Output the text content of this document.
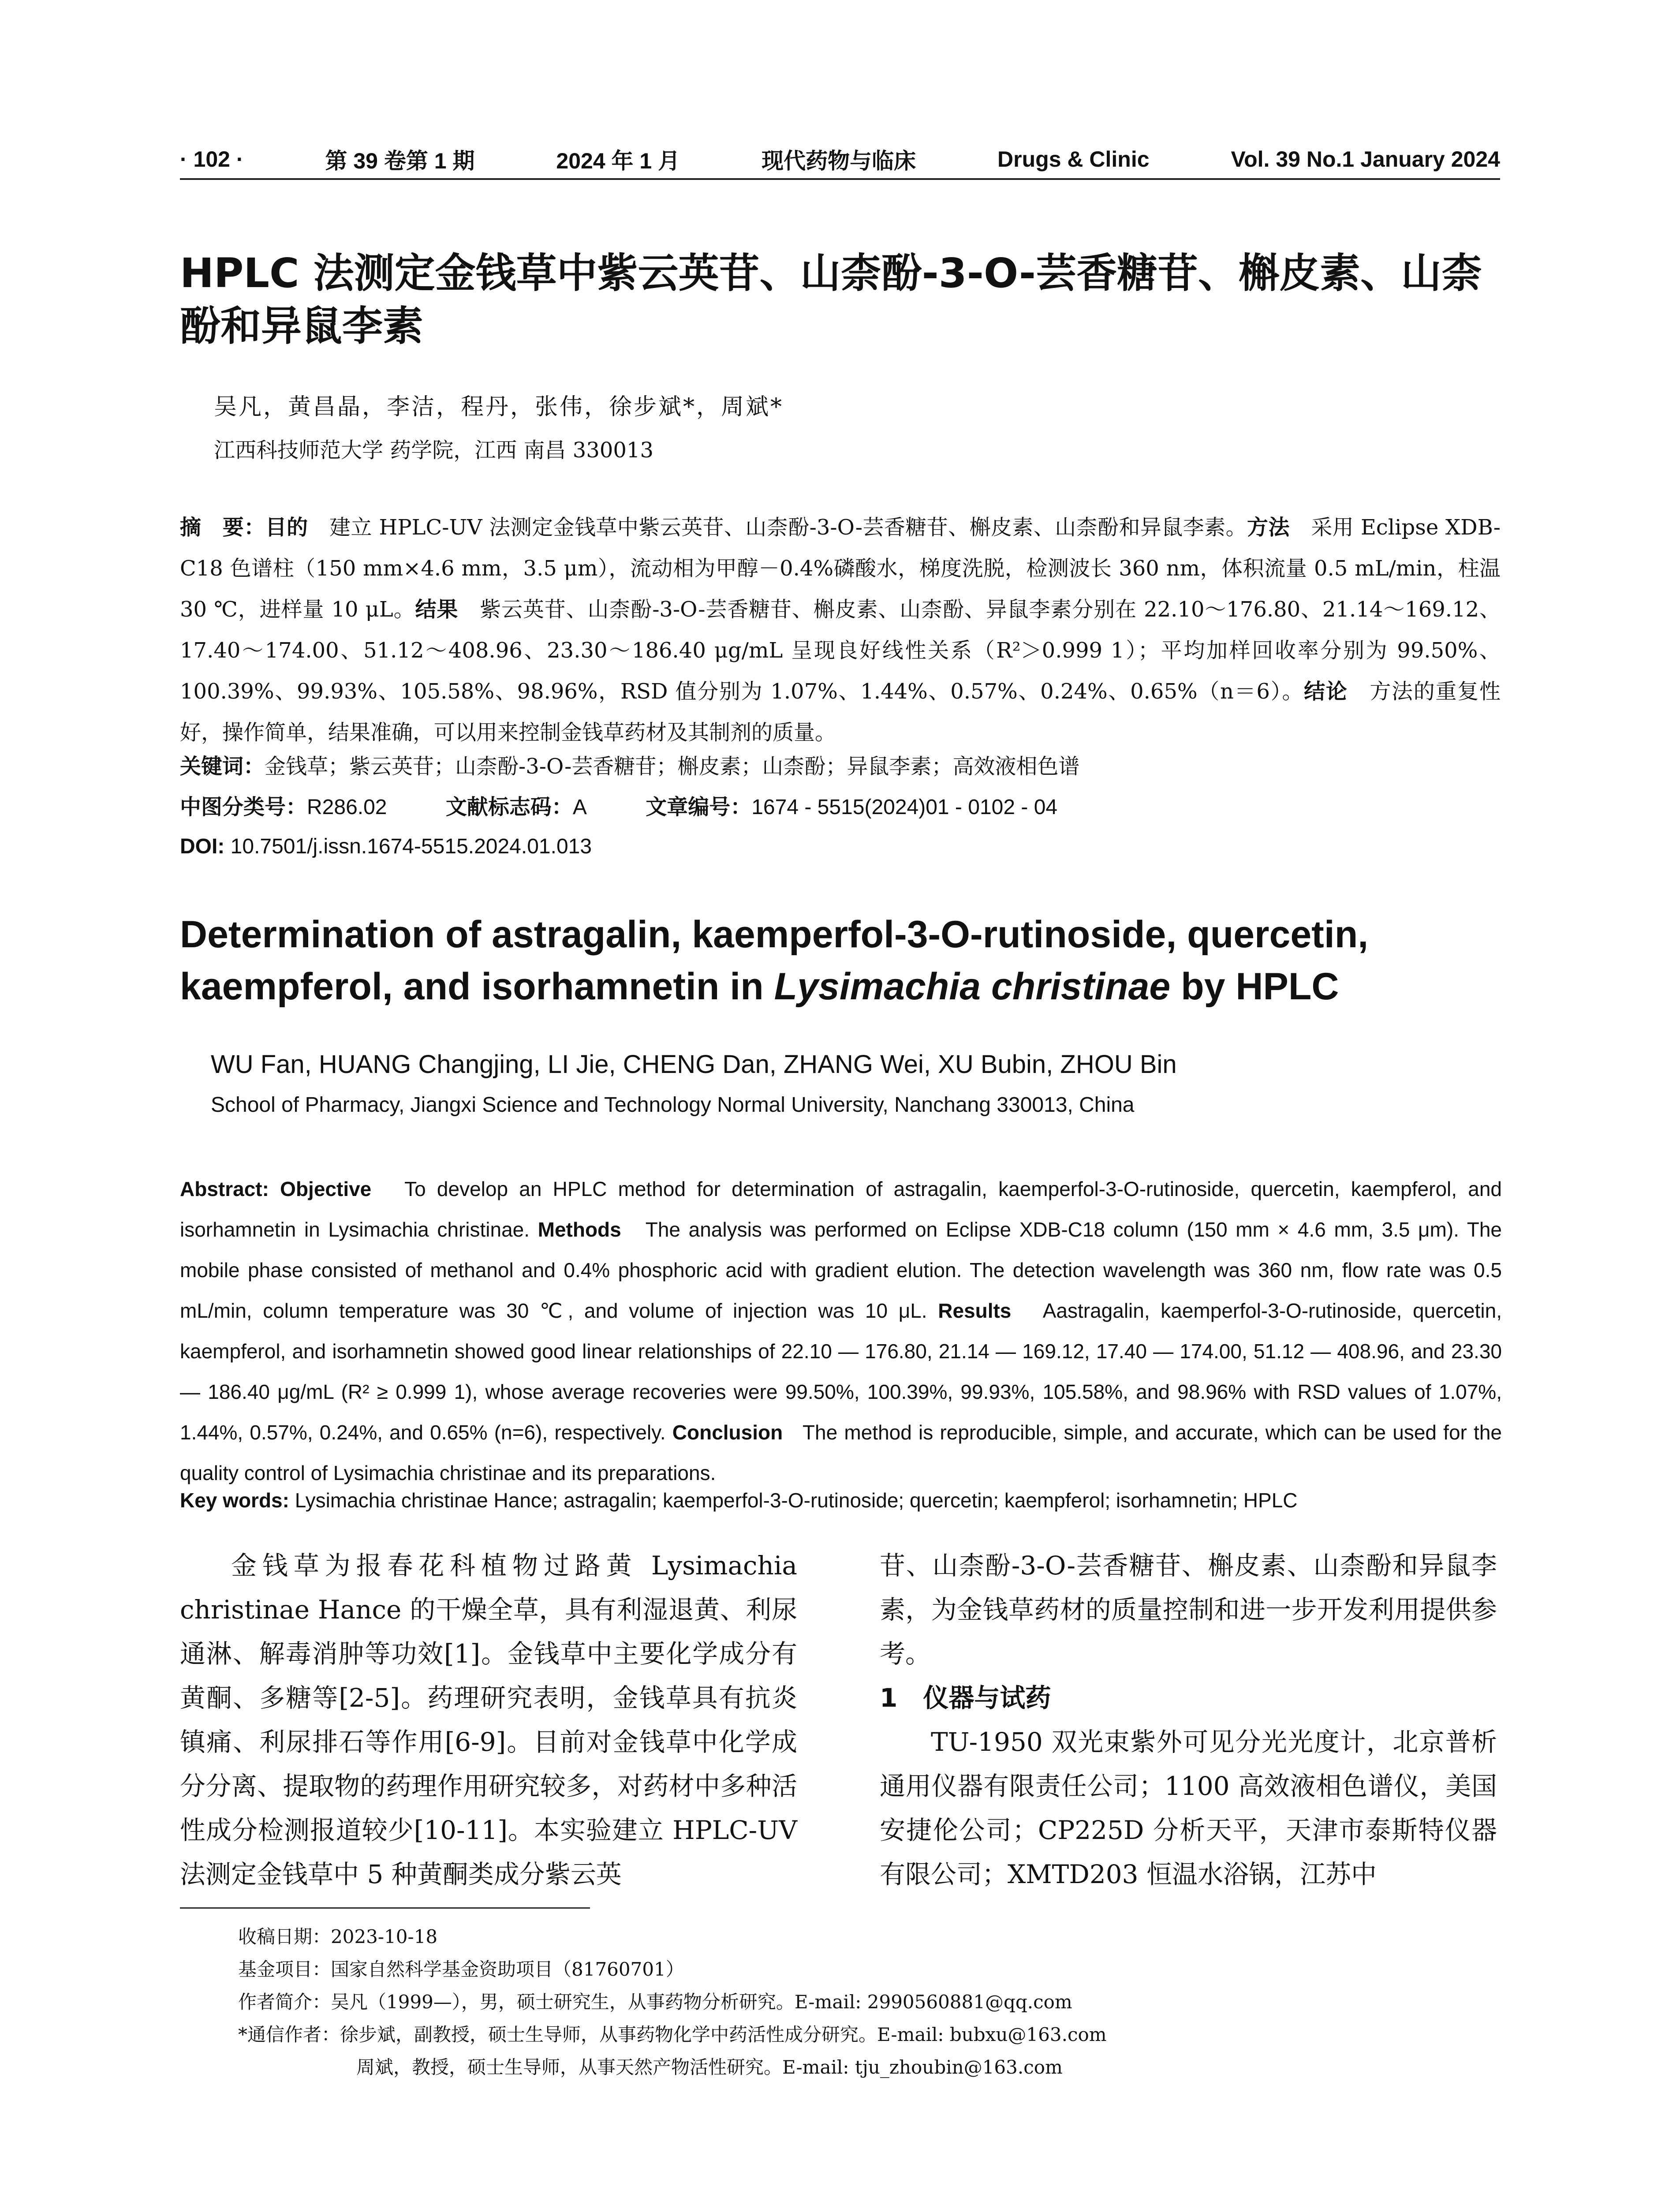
· 102 ·	第 39 卷第 1 期	2024 年 1 月	现代药物与临床	Drugs & Clinic	Vol. 39 No.1 January 2024
HPLC 法测定金钱草中紫云英苷、山柰酚-3-O-芸香糖苷、槲皮素、山柰酚和异鼠李素
吴凡，黄昌晶，李洁，程丹，张伟，徐步斌*，周斌*
江西科技师范大学 药学院，江西 南昌 330013

摘　要：目的　 建立 HPLC-UV 法测定金钱草中紫云英苷、山柰酚-3-O-芸香糖苷、槲皮素、山柰酚和异鼠李素。方法　 采用 Eclipse XDB-C18 色谱柱（150 mm×4.6 mm，3.5 μm），流动相为甲醇－0.4%磷酸水，梯度洗脱，检测波长 360 nm，体积流量 0.5 mL/min，柱温 30 ℃，进样量 10 μL。结果　 紫云英苷、山柰酚-3-O-芸香糖苷、槲皮素、山柰酚、异鼠李素分别在 22.10～176.80、21.14～169.12、17.40～174.00、51.12～408.96、23.30～186.40 μg/mL 呈现良好线性关系（R²＞0.999 1）；平均加样回收率分别为 99.50%、100.39%、99.93%、105.58%、98.96%，RSD 值分别为 1.07%、1.44%、0.57%、0.24%、0.65%（n＝6）。结论　 方法的重复性好，操作简单，结果准确，可以用来控制金钱草药材及其制剂的质量。

关键词：金钱草；紫云英苷；山柰酚-3-O-芸香糖苷；槲皮素；山柰酚；异鼠李素；高效液相色谱
中图分类号：R286.02	文献标志码：A	文章编号：1674 - 5515(2024)01 - 0102 - 04
DOI: 10.7501/j.issn.1674-5515.2024.01.013
Determination of astragalin, kaemperfol-3-O-rutinoside, quercetin, kaempferol, and isorhamnetin in Lysimachia christinae by HPLC
WU Fan, HUANG Changjing, LI Jie, CHENG Dan, ZHANG Wei, XU Bubin, ZHOU Bin
School of Pharmacy, Jiangxi Science and Technology Normal University, Nanchang 330013, China

Abstract: Objective To develop an HPLC method for determination of astragalin, kaemperfol-3-O-rutinoside, quercetin, kaempferol, and isorhamnetin in Lysimachia christinae. Methods The analysis was performed on Eclipse XDB-C18 column (150 mm × 4.6 mm, 3.5 μm). The mobile phase consisted of methanol and 0.4% phosphoric acid with gradient elution. The detection wavelength was 360 nm, flow rate was 0.5 mL/min, column temperature was 30 ℃, and volume of injection was 10 μL. Results Aastragalin, kaemperfol-3-O-rutinoside, quercetin, kaempferol, and isorhamnetin showed good linear relationships of 22.10 — 176.80, 21.14 — 169.12, 17.40 — 174.00, 51.12 — 408.96, and 23.30 — 186.40 μg/mL (R² ≥ 0.999 1), whose average recoveries were 99.50%, 100.39%, 99.93%, 105.58%, and 98.96% with RSD values of 1.07%, 1.44%, 0.57%, 0.24%, and 0.65% (n=6), respectively. Conclusion The method is reproducible, simple, and accurate, which can be used for the quality control of Lysimachia christinae and its preparations.

Key words: Lysimachia christinae Hance; astragalin; kaemperfol-3-O-rutinoside; quercetin; kaempferol; isorhamnetin; HPLC

金钱草为报春花科植物过路黄 Lysimachia christinae Hance 的干燥全草，具有利湿退黄、利尿通淋、解毒消肿等功效[1]。金钱草中主要化学成分有黄酮、多糖等[2-5]。药理研究表明，金钱草具有抗炎镇痛、利尿排石等作用[6-9]。目前对金钱草中化学成分分离、提取物的药理作用研究较多，对药材中多种活性成分检测报道较少[10-11]。本实验建立 HPLC-UV 法测定金钱草中 5 种黄酮类成分紫云英

苷、山柰酚-3-O-芸香糖苷、槲皮素、山柰酚和异鼠李素，为金钱草药材的质量控制和进一步开发利用提供参考。

1　仪器与试药

TU-1950 双光束紫外可见分光光度计，北京普析通用仪器有限责任公司；1100 高效液相色谱仪，美国安捷伦公司；CP225D 分析天平，天津市泰斯特仪器有限公司；XMTD203 恒温水浴锅，江苏中

收稿日期：2023-10-18
基金项目：国家自然科学基金资助项目（81760701）
作者简介：吴凡（1999—），男，硕士研究生，从事药物分析研究。E-mail: 2990560881@qq.com
*通信作者：徐步斌，副教授，硕士生导师，从事药物化学中药活性成分研究。E-mail: bubxu@163.com
周斌，教授，硕士生导师，从事天然产物活性研究。E-mail: tju_zhoubin@163.com
